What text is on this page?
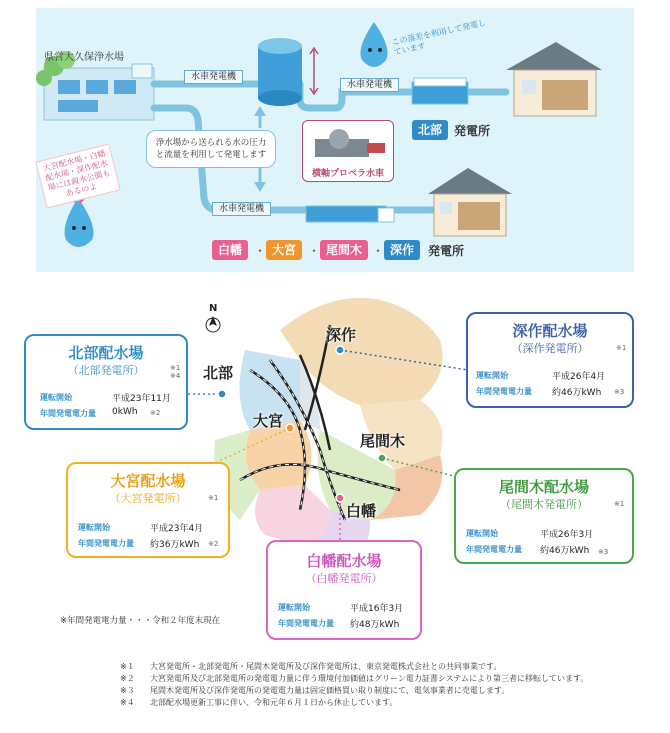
県営大久保浄水場
水車発電機
水車発電機
水車発電機
浄水場から送られる水の圧力と流量を利用して発電します
この落差を利用して発電しています
大宮配水場・白幡配水場・深作配水場には親水公園もあるのよ
横軸プロペラ水車
北部 発電所
白幡 ・ 大宮 ・ 尾間木 ・ 深作	発電所
N
北部
深作
大宮
尾間木
白幡
北部配水場
（北部発電所）	※1
※4
運転開始	平成23年11月
年間発電電力量 0kWh ※2
深作配水場
（深作発電所）	※1
運転開始	平成26年4月
年間発電電力量 約46万kWh ※3
大宮配水場
（大宮発電所）	※1
運転開始	平成23年4月
年間発電電力量 約36万kWh ※2
尾間木配水場
（尾間木発電所）	※1
運転開始	平成26年3月
年間発電電力量 約46万kWh ※3
白幡配水場
（白幡発電所）
運転開始	平成16年3月
年間発電電力量 約48万kWh
※年間発電電力量・・・令和２年度末現在
※１ 大宮発電所・北部発電所・尾間木発電所及び深作発電所は、東京発電株式会社との共同事業です。
※２ 大宮発電所及び北部発電所の発電電力量に伴う環境付加価値はグリーン電力証書システムにより第三者に移転しています。
※３ 尾間木発電所及び深作発電所の発電電力量は固定価格買い取り制度にて、電気事業者に売電します。
※４ 北部配水場更新工事に伴い、令和元年６月１日から休止しています。
